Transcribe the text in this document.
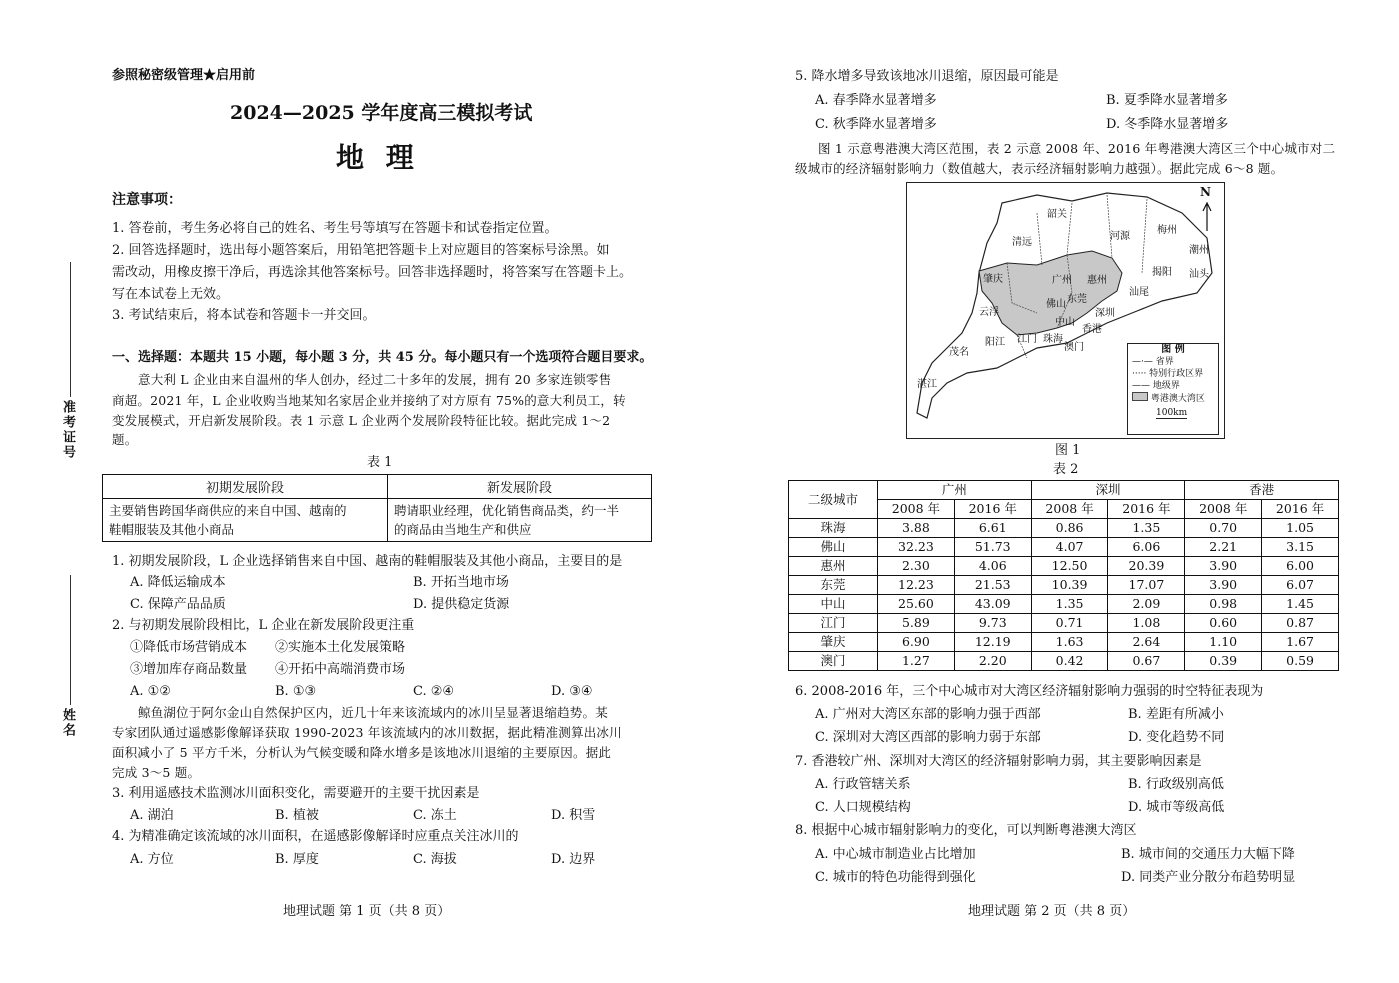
准考证号
姓名
参照秘密级管理★启用前
2024—2025 学年度高三模拟考试
地 理
注意事项：
1. 答卷前，考生务必将自己的姓名、考生号等填写在答题卡和试卷指定位置。
2. 回答选择题时，选出每小题答案后，用铅笔把答题卡上对应题目的答案标号涂黑。如
需改动，用橡皮擦干净后，再选涂其他答案标号。回答非选择题时，将答案写在答题卡上。
写在本试卷上无效。
3. 考试结束后，将本试卷和答题卡一并交回。
一、选择题：本题共 15 小题，每小题 3 分，共 45 分。每小题只有一个选项符合题目要求。
意大利 L 企业由来自温州的华人创办，经过二十多年的发展，拥有 20 多家连锁零售
商超。2021 年，L 企业收购当地某知名家居企业并接纳了对方原有 75%的意大利员工，转
变发展模式，开启新发展阶段。表 1 示意 L 企业两个发展阶段特征比较。据此完成 1～2
题。
表 1
初期发展阶段	新发展阶段
主要销售跨国华商供应的来自中国、越南的
鞋帽服装及其他小商品	聘请职业经理，优化销售商品类，约一半
的商品由当地生产和供应
1. 初期发展阶段，L 企业选择销售来自中国、越南的鞋帽服装及其他小商品，主要目的是
A. 降低运输成本	B. 开拓当地市场
C. 保障产品品质	D. 提供稳定货源
2. 与初期发展阶段相比，L 企业在新发展阶段更注重
①降低市场营销成本 ②实施本土化发展策略
③增加库存商品数量 ④开拓中高端消费市场
A. ①②	B. ①③	C. ②④	D. ③④
鲸鱼湖位于阿尔金山自然保护区内，近几十年来该流域内的冰川呈显著退缩趋势。某
专家团队通过遥感影像解译获取 1990-2023 年该流域内的冰川数据，据此精准测算出冰川
面积减小了 5 平方千米，分析认为气候变暖和降水增多是该地冰川退缩的主要原因。据此
完成 3～5 题。
3. 利用遥感技术监测冰川面积变化，需要避开的主要干扰因素是
A. 湖泊	B. 植被	C. 冻土	D. 积雪
4. 为精准确定该流域的冰川面积，在遥感影像解译时应重点关注冰川的
A. 方位	B. 厚度	C. 海拔	D. 边界
地理试题 第 1 页（共 8 页）
5. 降水增多导致该地冰川退缩，原因最可能是
A. 春季降水显著增多	B. 夏季降水显著增多
C. 秋季降水显著增多	D. 冬季降水显著增多
图 1 示意粤港澳大湾区范围，表 2 示意 2008 年、2016 年粤港澳大湾区三个中心城市对二
级城市的经济辐射影响力（数值越大，表示经济辐射影响力越强）。据此完成 6～8 题。
N
韶关
清远
河源
梅州
潮州
揭阳 汕头
肇庆	广州 惠州
汕尾
佛山 东莞
深圳
云浮
中山
香港
阳江 江门 珠海
澳门
茂名
湛江
图 例
—·— 省界
····· 特别行政区界
—— 地级界
粤港澳大湾区
100km
图 1
表 2
二级城市	广州		深圳		香港	
	2008 年	2016 年	2008 年	2016 年	2008 年	2016 年
珠海	3.88	6.61	0.86	1.35	0.70	1.05
佛山	32.23	51.73	4.07	6.06	2.21	3.15
惠州	2.30	4.06	12.50	20.39	3.90	6.00
东莞	12.23	21.53	10.39	17.07	3.90	6.07
中山	25.60	43.09	1.35	2.09	0.98	1.45
江门	5.89	9.73	0.71	1.08	0.60	0.87
肇庆	6.90	12.19	1.63	2.64	1.10	1.67
澳门	1.27	2.20	0.42	0.67	0.39	0.59
6. 2008-2016 年，三个中心城市对大湾区经济辐射影响力强弱的时空特征表现为
A. 广州对大湾区东部的影响力强于西部	B. 差距有所减小
C. 深圳对大湾区西部的影响力弱于东部	D. 变化趋势不同
7. 香港较广州、深圳对大湾区的经济辐射影响力弱，其主要影响因素是
A. 行政管辖关系	B. 行政级别高低
C. 人口规模结构	D. 城市等级高低
8. 根据中心城市辐射影响力的变化，可以判断粤港澳大湾区
A. 中心城市制造业占比增加	B. 城市间的交通压力大幅下降
C. 城市的特色功能得到强化	D. 同类产业分散分布趋势明显
地理试题 第 2 页（共 8 页）
